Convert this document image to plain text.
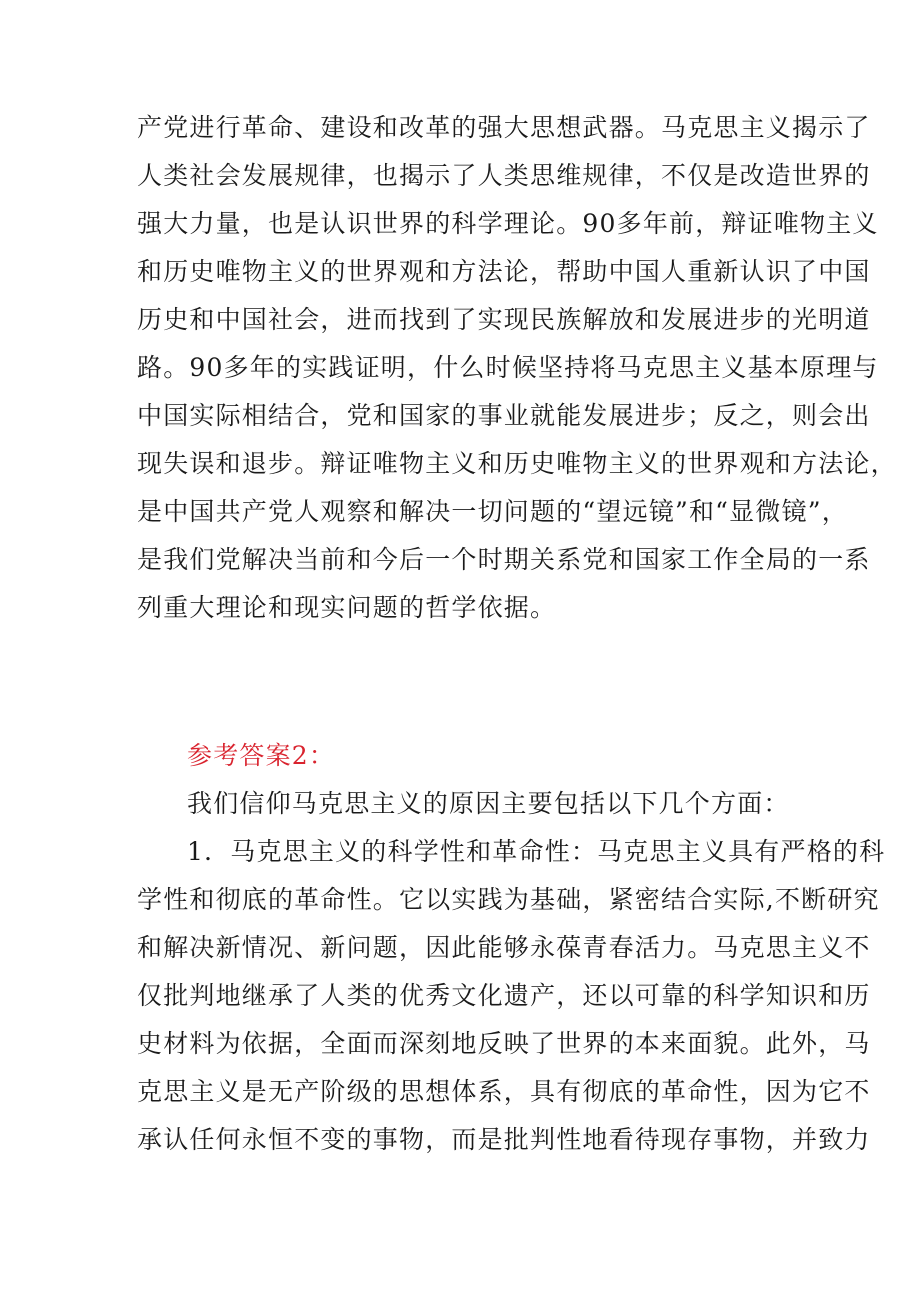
产党进行革命、建设和改革的强大思想武器。马克思主义揭示了
人类社会发展规律，也揭示了人类思维规律，不仅是改造世界的
强大力量，也是认识世界的科学理论。90多年前，辩证唯物主义
和历史唯物主义的世界观和方法论，帮助中国人重新认识了中国
历史和中国社会，进而找到了实现民族解放和发展进步的光明道
路。90多年的实践证明，什么时候坚持将马克思主义基本原理与
中国实际相结合，党和国家的事业就能发展进步；反之，则会出
现失误和退步。辩证唯物主义和历史唯物主义的世界观和方法论，
是中国共产党人观察和解决一切问题的“望远镜”和“显微镜”，
是我们党解决当前和今后一个时期关系党和国家工作全局的一系
列重大理论和现实问题的哲学依据。
参考答案2：
我们信仰马克思主义的原因主要包括以下几个方面：
1．马克思主义的科学性和革命性：马克思主义具有严格的科
学性和彻底的革命性。它以实践为基础，紧密结合实际,不断研究
和解决新情况、新问题，因此能够永葆青春活力。马克思主义不
仅批判地继承了人类的优秀文化遗产，还以可靠的科学知识和历
史材料为依据，全面而深刻地反映了世界的本来面貌。此外，马
克思主义是无产阶级的思想体系，具有彻底的革命性，因为它不
承认任何永恒不变的事物，而是批判性地看待现存事物，并致力
